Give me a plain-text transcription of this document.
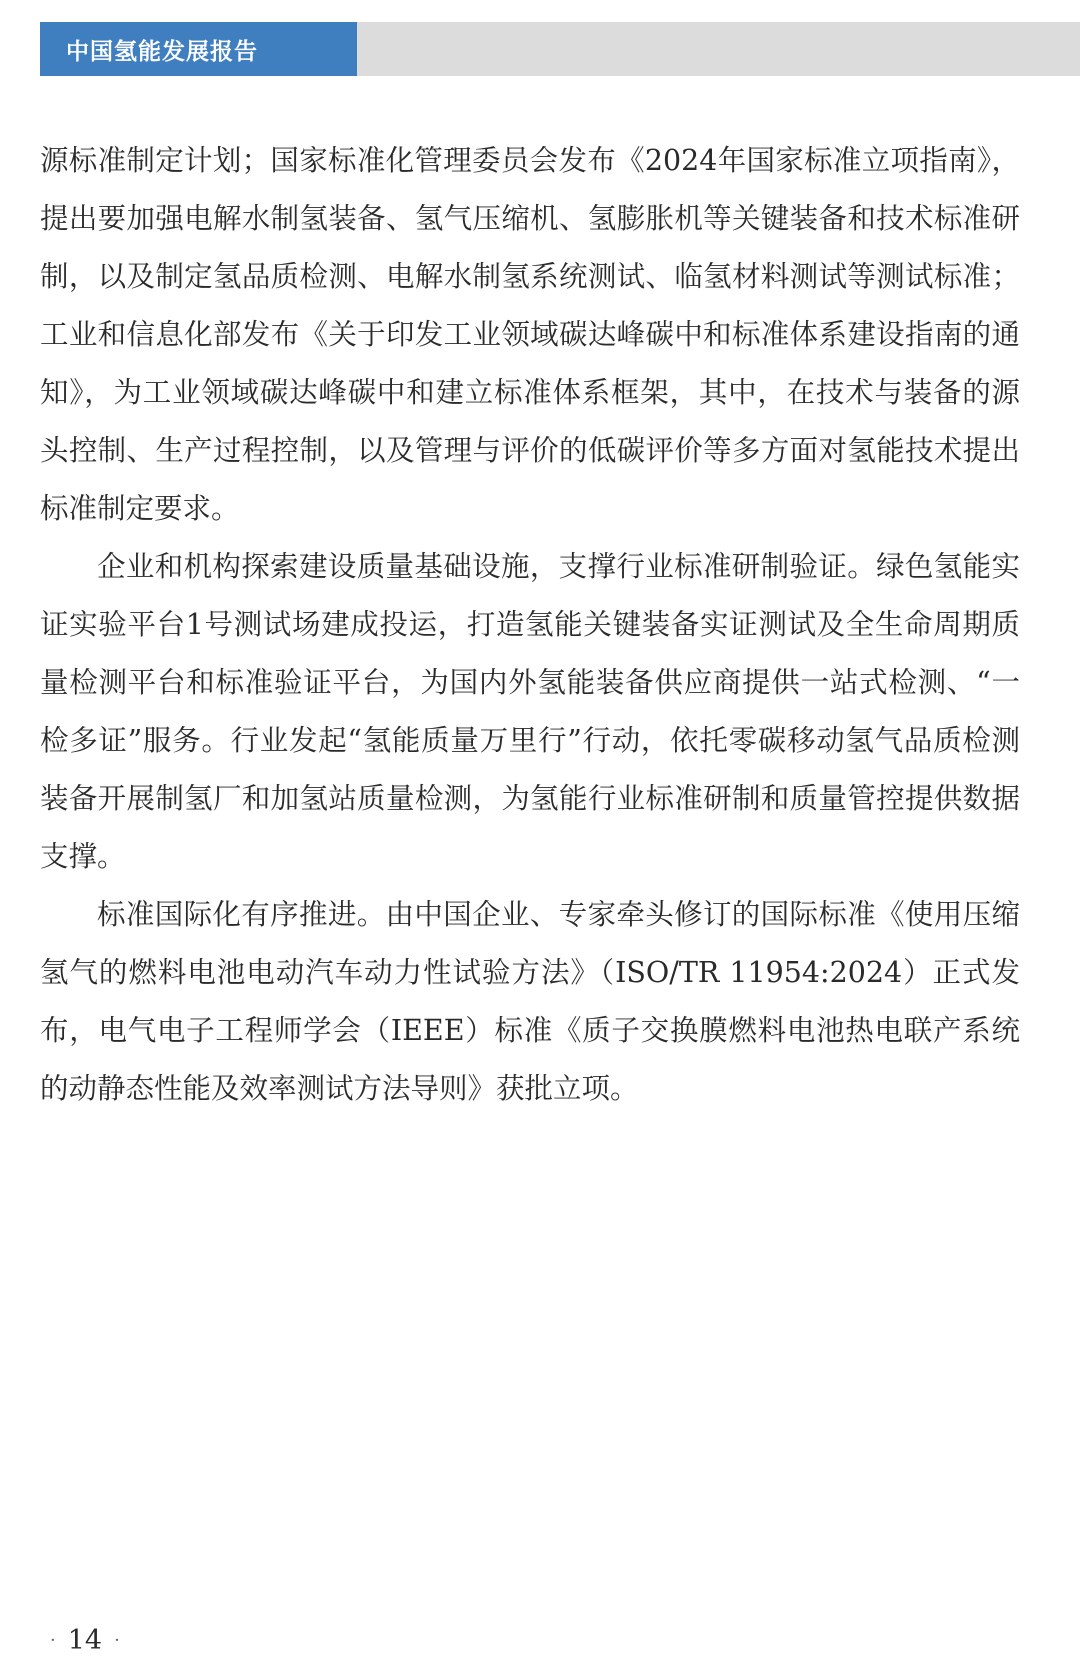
中国氢能发展报告

源标准制定计划；国家标准化管理委员会发布《2024年国家标准立项指南》，提出要加强电解水制氢装备、氢气压缩机、氢膨胀机等关键装备和技术标准研制，以及制定氢品质检测、电解水制氢系统测试、临氢材料测试等测试标准；工业和信息化部发布《关于印发工业领域碳达峰碳中和标准体系建设指南的通知》，为工业领域碳达峰碳中和建立标准体系框架，其中，在技术与装备的源头控制、生产过程控制，以及管理与评价的低碳评价等多方面对氢能技术提出标准制定要求。

企业和机构探索建设质量基础设施，支撑行业标准研制验证。绿色氢能实证实验平台1号测试场建成投运，打造氢能关键装备实证测试及全生命周期质量检测平台和标准验证平台，为国内外氢能装备供应商提供一站式检测、“一检多证”服务。行业发起“氢能质量万里行”行动，依托零碳移动氢气品质检测装备开展制氢厂和加氢站质量检测，为氢能行业标准研制和质量管控提供数据支撑。

标准国际化有序推进。由中国企业、专家牵头修订的国际标准《使用压缩氢气的燃料电池电动汽车动力性试验方法》（ISO/TR 11954:2024）正式发布，电气电子工程师学会（IEEE）标准《质子交换膜燃料电池热电联产系统的动静态性能及效率测试方法导则》获批立项。

· 14 ·
